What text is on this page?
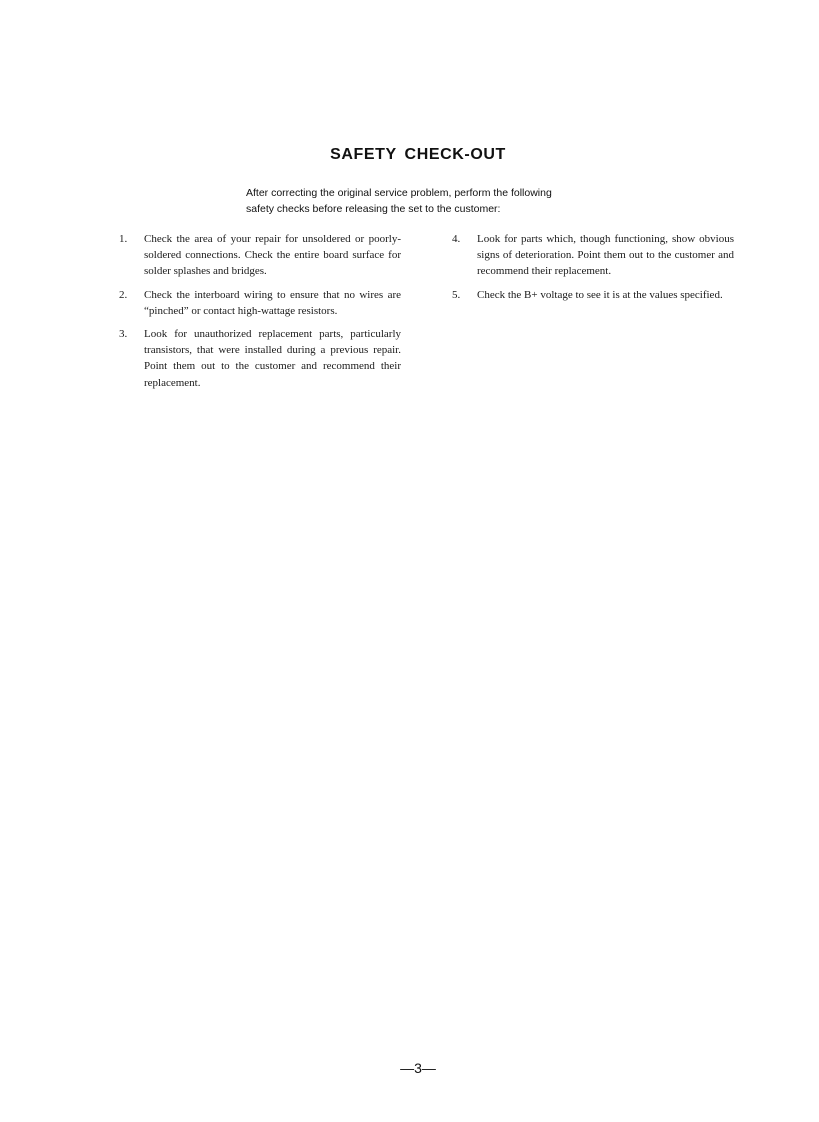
SAFETY CHECK-OUT
After correcting the original service problem, perform the following
safety checks before releasing the set to the customer:
1.	Check the area of your repair for unsoldered or poorly-soldered connections. Check the entire board surface for solder splashes and bridges.
2.	Check the interboard wiring to ensure that no wires are “pinched” or contact high-wattage resistors.
3.	Look for unauthorized replacement parts, particularly transistors, that were installed during a previous repair. Point them out to the customer and recommend their replacement.
4.	Look for parts which, though functioning, show obvious signs of deterioration. Point them out to the customer and recommend their replacement.
5.	Check the B+ voltage to see it is at the values specified.
—3—
